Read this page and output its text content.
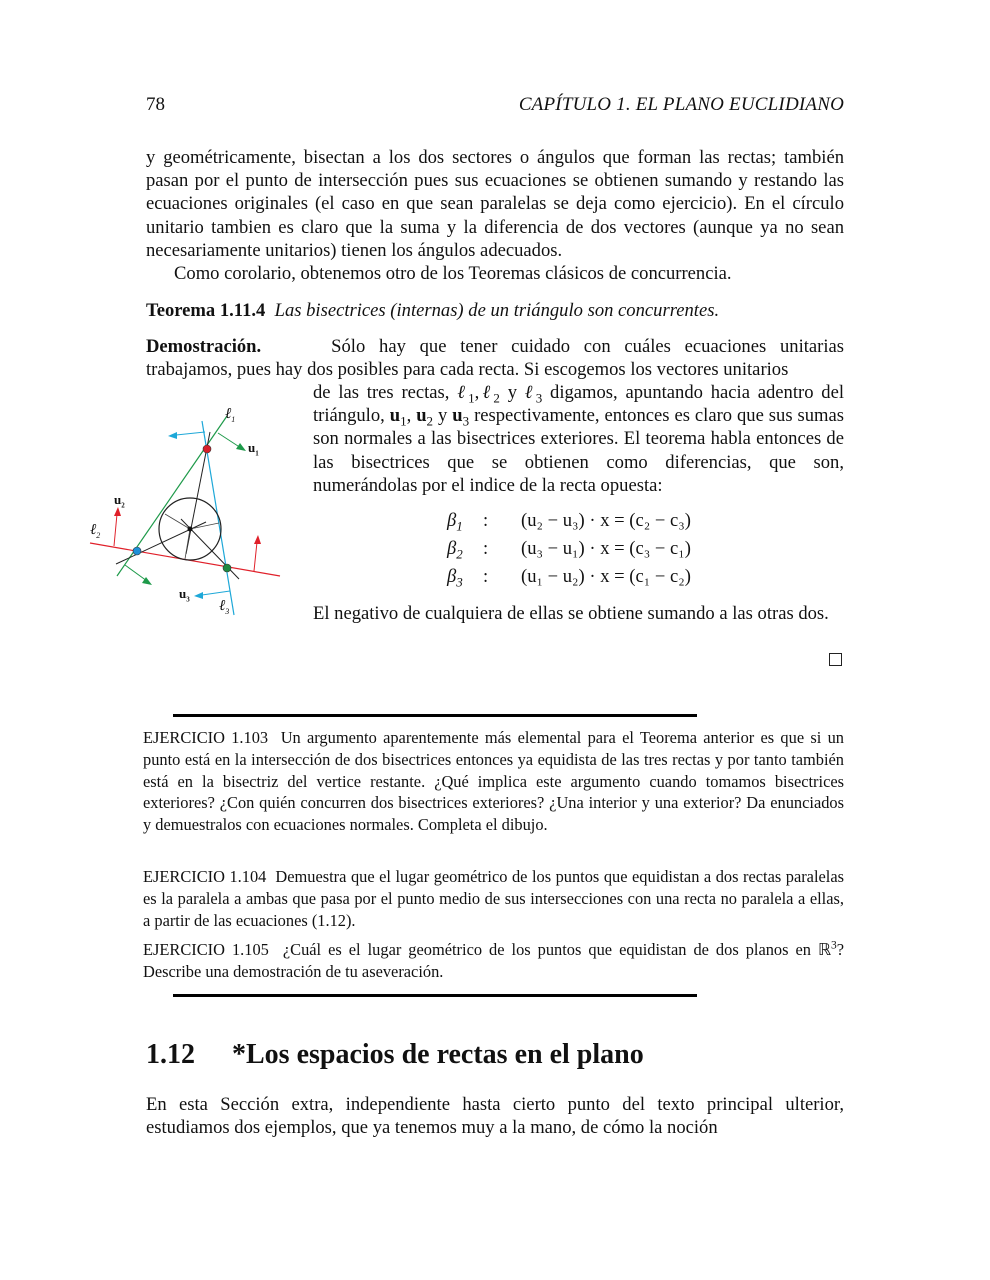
78	CAPÍTULO 1. EL PLANO EUCLIDIANO
y geométricamente, bisectan a los dos sectores o ángulos que forman las rectas; también pasan por el punto de intersección pues sus ecuaciones se obtienen sumando y restando las ecuaciones originales (el caso en que sean paralelas se deja como ejercicio). En el círculo unitario tambien es claro que la suma y la diferencia de dos vectores (aunque ya no sean necesariamente unitarios) tienen los ángulos adecuados.
Como corolario, obtenemos otro de los Teoremas clásicos de concurrencia.
Teorema 1.11.4 Las bisectrices (internas) de un triángulo son concurrentes.
Demostración.	Sólo hay que tener cuidado con cuáles ecuaciones unitarias trabajamos, pues hay dos posibles para cada recta. Si escogemos los vectores unitarios
de las tres rectas, ℓ$_1$,ℓ$_2$ y ℓ$_3$ digamos, apuntando hacia adentro del triángulo, $u_1$, $u_2$ y $u_3$ respectivamente, entonces es claro que sus sumas son normales a las bisectrices exteriores. El teorema habla entonces de las bisectrices que se obtienen como diferencias, que son, numerándolas por el indice de la recta opuesta:
$\beta_1$	:	(u₂ − u₃) · x = (c₂ − c₃)
$\beta_2$	:	(u₃ − u₁) · x = (c₃ − c₁)
$\beta_3$	:	(u₁ − u₂) · x = (c₁ − c₂)
El negativo de cualquiera de ellas se obtiene sumando a las otras dos.
ℓ$_1$
$u_1$
$u_2$
ℓ$_2$
$u_3$ ℓ$_3$
EJERCICIO 1.103 Un argumento aparentemente más elemental para el Teorema anterior es que si un punto está en la intersección de dos bisectrices entonces ya equidista de las tres rectas y por tanto también está en la bisectriz del vertice restante. ¿Qué implica este argumento cuando tomamos bisectrices exteriores? ¿Con quién concurren dos bisectrices exteriores? ¿Una interior y una exterior? Da enunciados y demuestralos con ecuaciones normales. Completa el dibujo.
EJERCICIO 1.104 Demuestra que el lugar geométrico de los puntos que equidistan a dos rectas paralelas es la paralela a ambas que pasa por el punto medio de sus intersecciones con una recta no paralela a ellas, a partir de las ecuaciones (1.12).
EJERCICIO 1.105 ¿Cuál es el lugar geométrico de los puntos que equidistan de dos planos en ℝ$^3$? Describe una demostración de tu aseveración.
1.12 *Los espacios de rectas en el plano
En esta Sección extra, independiente hasta cierto punto del texto principal ulterior, estudiamos dos ejemplos, que ya tenemos muy a la mano, de cómo la noción
